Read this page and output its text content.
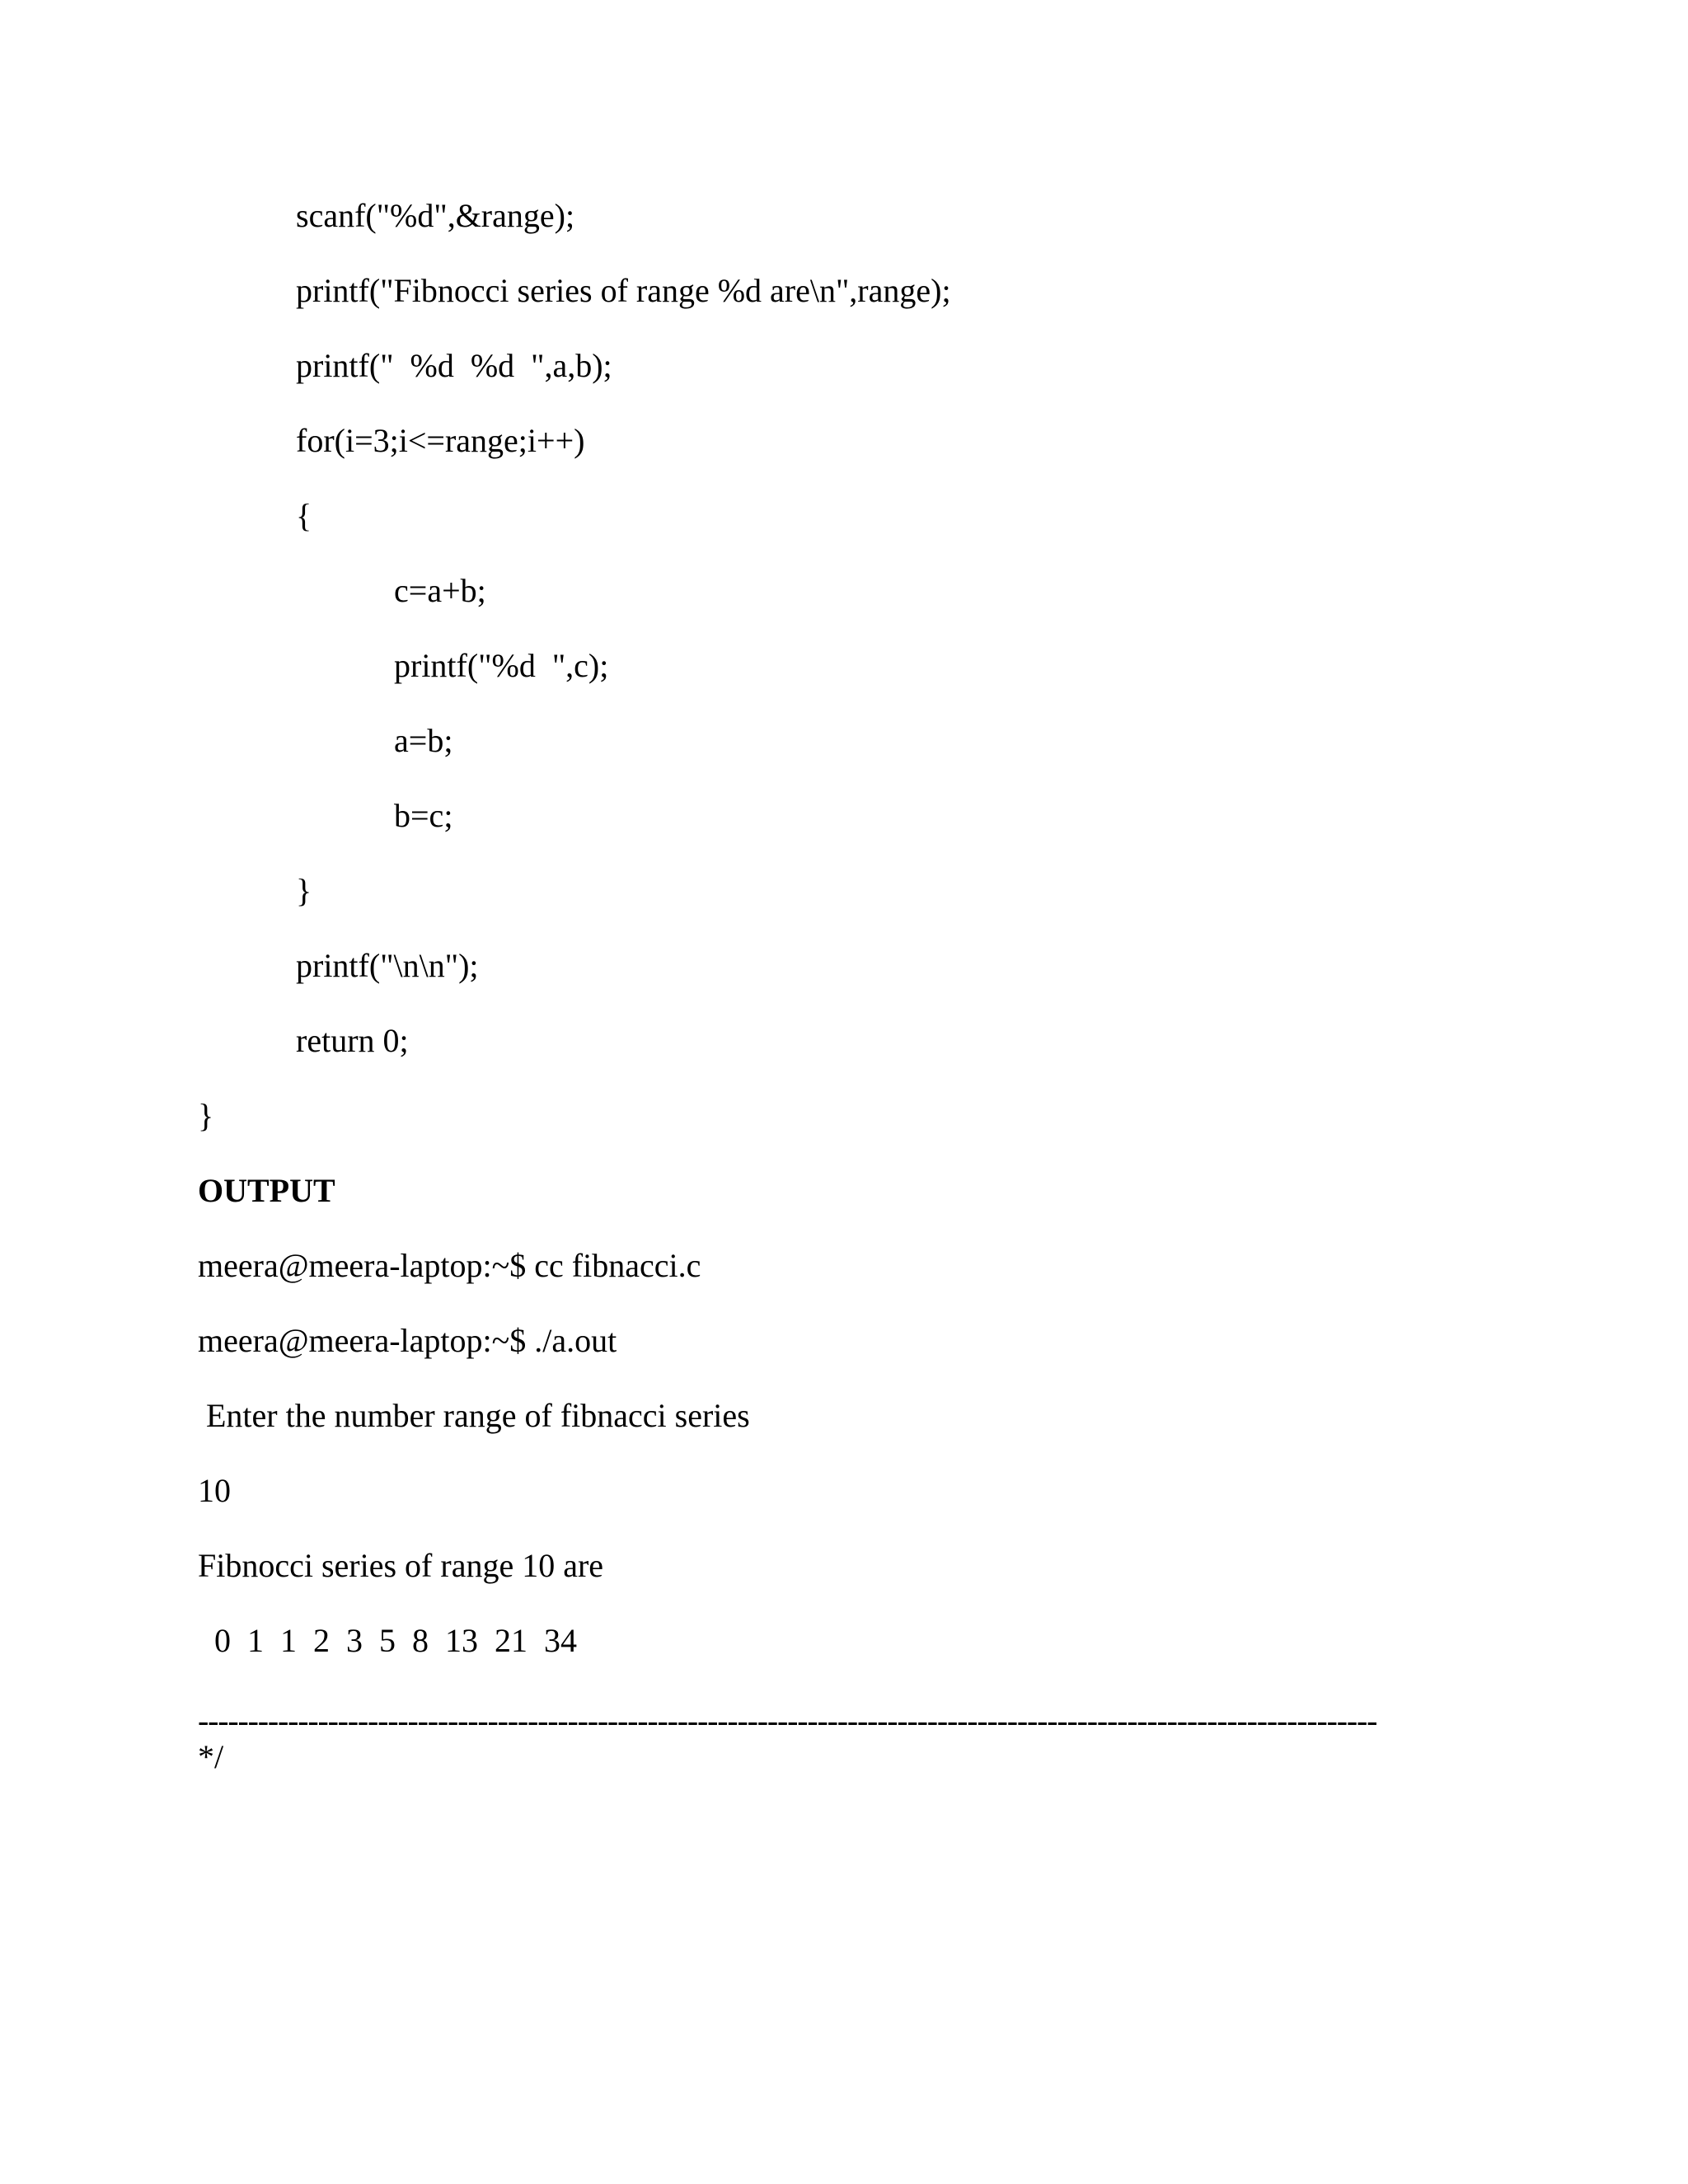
scanf("%d",&range);
printf("Fibnocci series of range %d are\n",range);
printf("  %d  %d  ",a,b);
for(i=3;i<=range;i++)
{
c=a+b;
printf("%d  ",c);
a=b;
b=c;
}
printf("\n\n");
return 0;
}
OUTPUT
meera@meera-laptop:~$ cc fibnacci.c
meera@meera-laptop:~$ ./a.out
Enter the number range of fibnacci series
10
Fibnocci series of range 10 are
0  1  1  2  3  5  8  13  21  34
----------------------------------------------------------------------------------------------------------------------
*/
